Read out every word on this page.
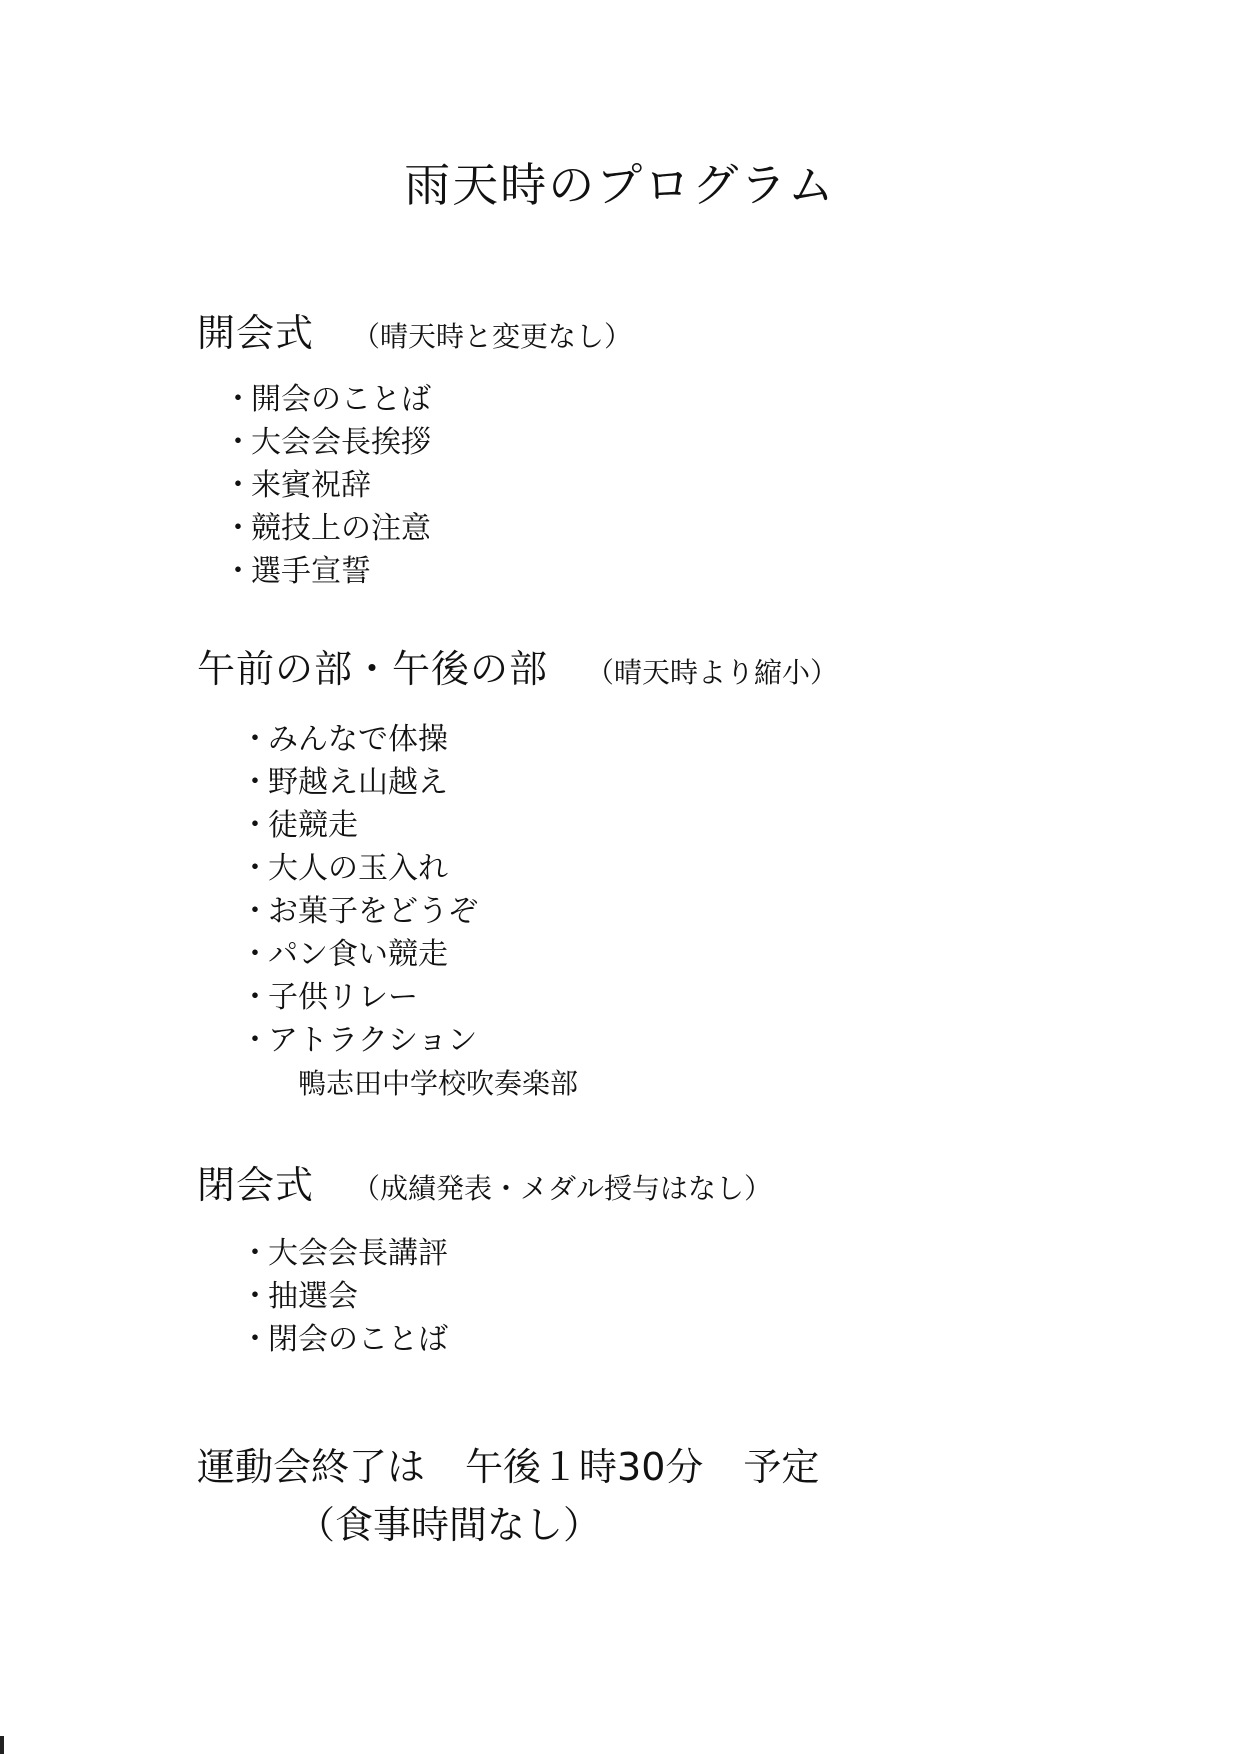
雨天時のプログラム
開会式 （晴天時と変更なし）
・開会のことば
・大会会長挨拶
・来賓祝辞
・競技上の注意
・選手宣誓
午前の部・午後の部 （晴天時より縮小）
・みんなで体操
・野越え山越え
・徒競走
・大人の玉入れ
・お菓子をどうぞ
・パン食い競走
・子供リレー
・アトラクション
鴨志田中学校吹奏楽部
閉会式 （成績発表・メダル授与はなし）
・大会会長講評
・抽選会
・閉会のことば
運動会終了は 午後１時30分 予定
（食事時間なし）
